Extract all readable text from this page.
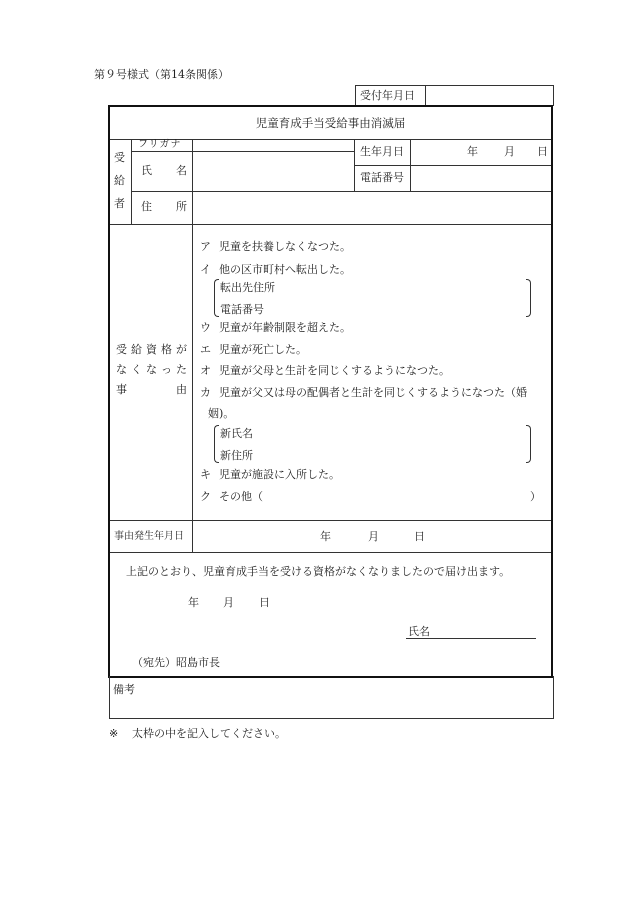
第９号様式（第14条関係）
受付年月日
児童育成手当受給事由消滅届
受
給
者
フリガナ
氏 名
生年月日	年 月 日
電話番号
住 所
受 給 資 格 が
な く な っ た
事	由
ア 児童を扶養しなくなつた。
イ 他の区市町村へ転出した。
転出先住所
電話番号
ウ 児童が年齢制限を超えた。
エ 児童が死亡した。
オ 児童が父母と生計を同じくするようになつた。
カ 児童が父又は母の配偶者と生計を同じくするようになつた（婚
姻)。
新氏名
新住所
キ 児童が施設に入所した。
ク その他（	）
事由発生年月日	年	月	日
上記のとおり、児童育成手当を受ける資格がなくなりましたので届け出ます。
年 月 日
氏名
（宛先）昭島市長
備考
※ 太枠の中を記入してください。
